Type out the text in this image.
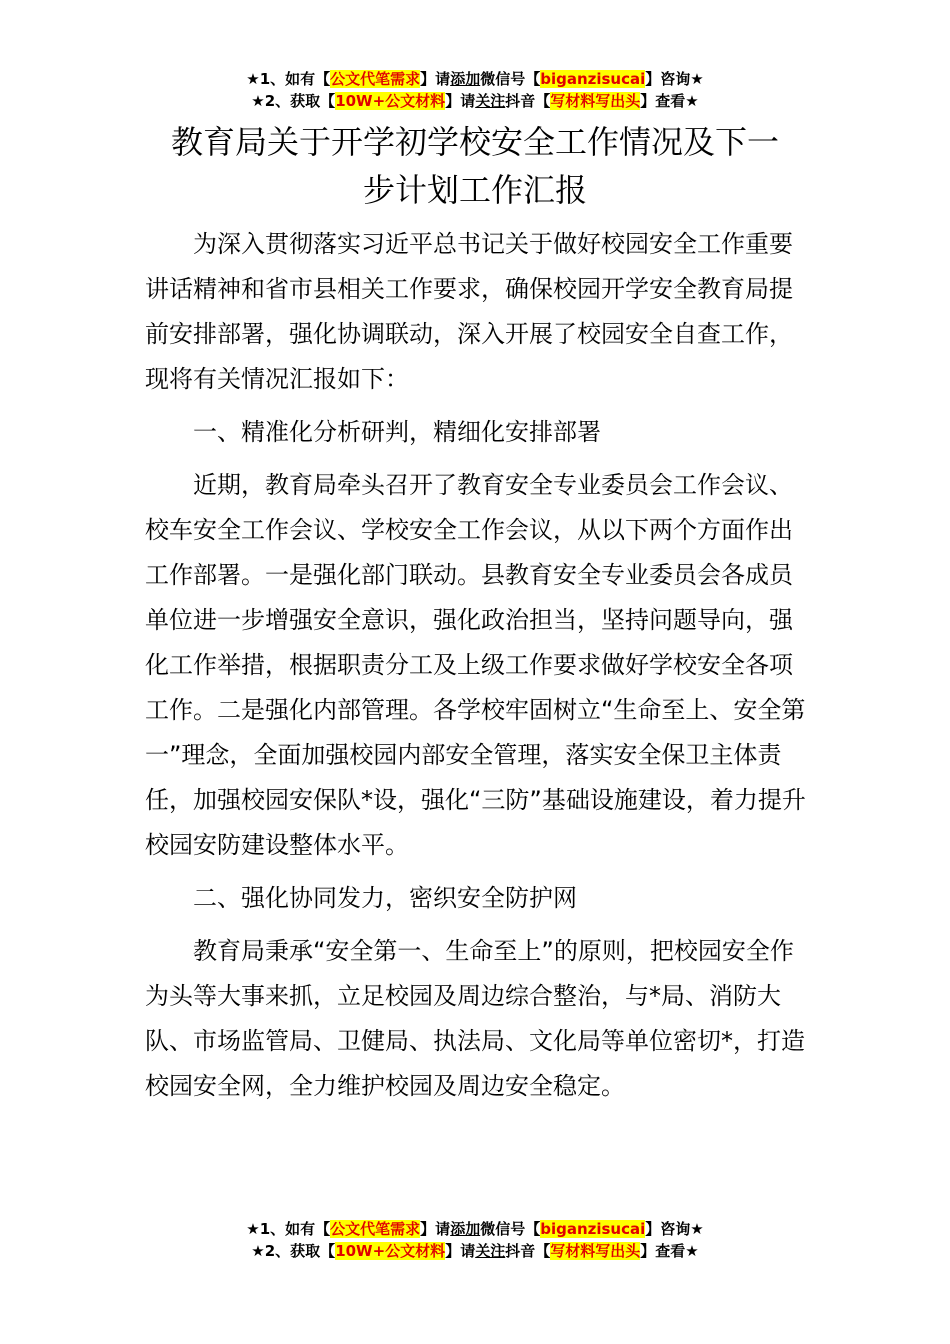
★1、如有【公文代笔需求】请添加微信号【biganzisucai】咨询★
★2、获取【10W+公文材料】请关注抖音【写材料写出头】查看★
教育局关于开学初学校安全工作情况及下一
步计划工作汇报

为深入贯彻落实习近平总书记关于做好校园安全工作重要讲话精神和省市县相关工作要求，确保校园开学安全教育局提前安排部署，强化协调联动，深入开展了校园安全自查工作，现将有关情况汇报如下：

一、精准化分析研判，精细化安排部署

近期，教育局牵头召开了教育安全专业委员会工作会议、校车安全工作会议、学校安全工作会议，从以下两个方面作出工作部署。一是强化部门联动。县教育安全专业委员会各成员单位进一步增强安全意识，强化政治担当，坚持问题导向，强化工作举措，根据职责分工及上级工作要求做好学校安全各项工作。二是强化内部管理。各学校牢固树立“生命至上、安全第一”理念，全面加强校园内部安全管理，落实安全保卫主体责任，加强校园安保队*设，强化“三防”基础设施建设，着力提升校园安防建设整体水平。

二、强化协同发力，密织安全防护网

教育局秉承“安全第一、生命至上”的原则，把校园安全作为头等大事来抓，立足校园及周边综合整治，与*局、消防大队、市场监管局、卫健局、执法局、文化局等单位密切*，打造校园安全网，全力维护校园及周边安全稳定。

★1、如有【公文代笔需求】请添加微信号【biganzisucai】咨询★
★2、获取【10W+公文材料】请关注抖音【写材料写出头】查看★
